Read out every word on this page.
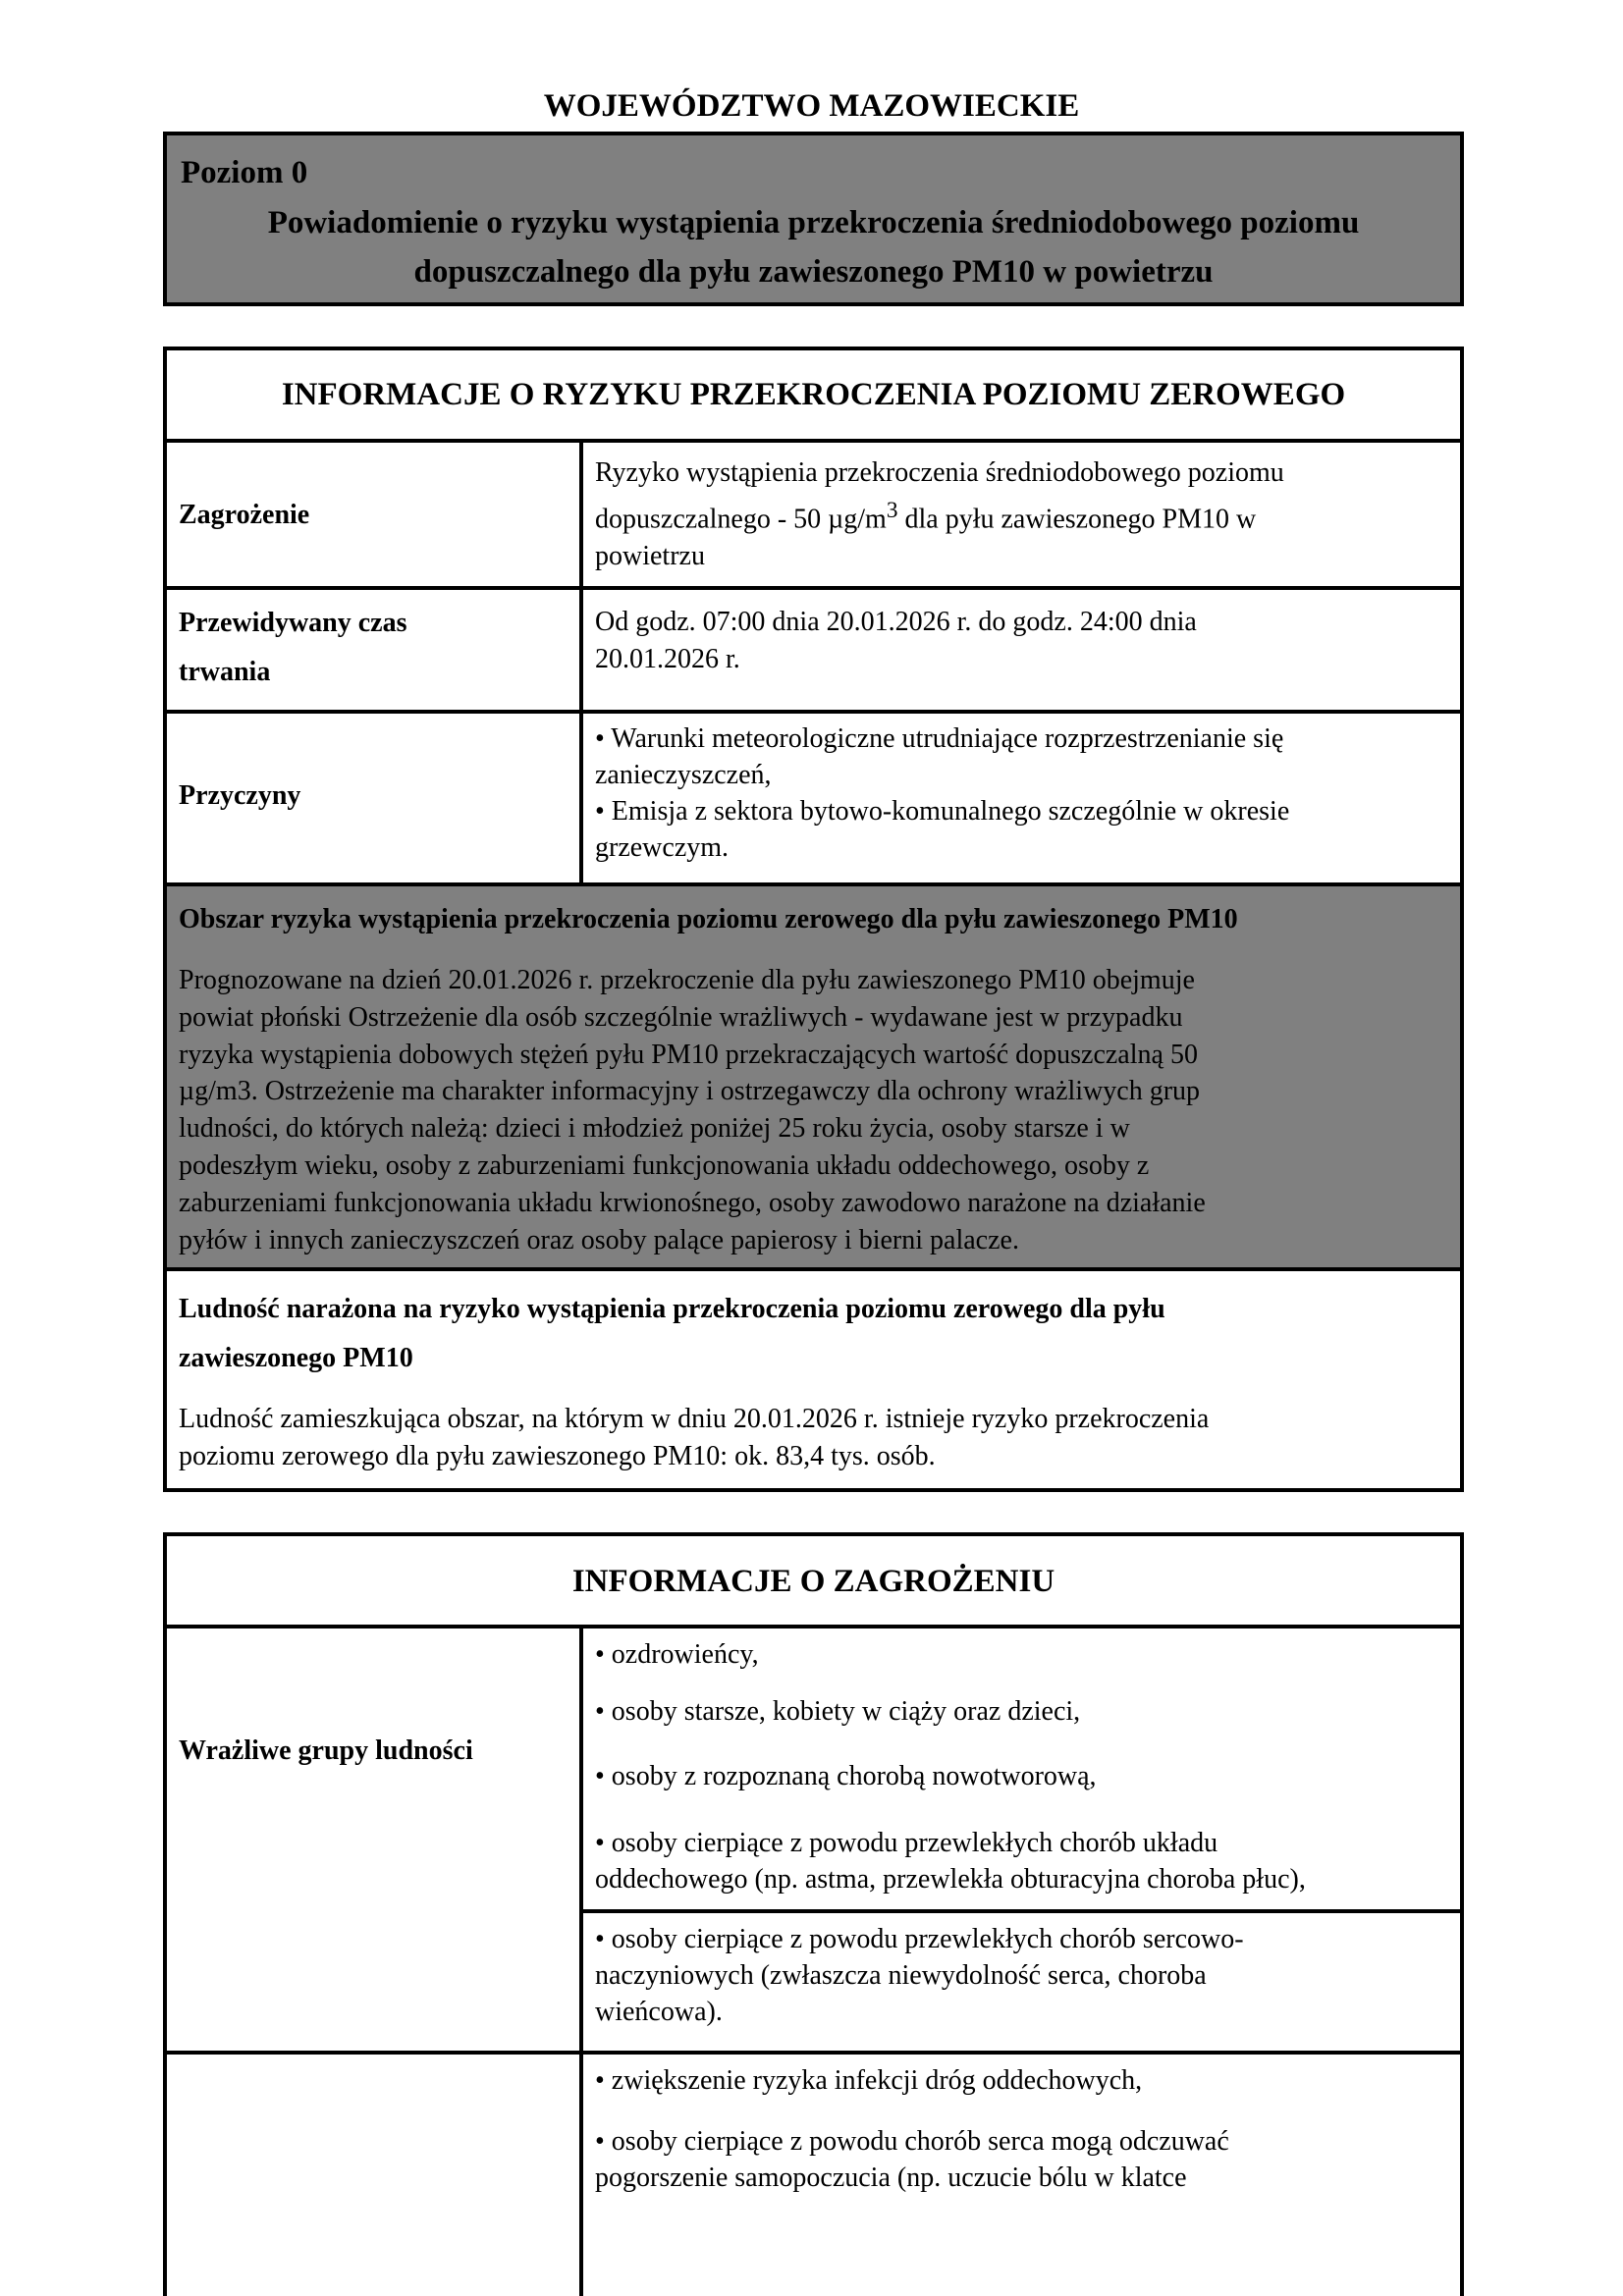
WOJEWÓDZTWO MAZOWIECKIE
Poziom 0
Powiadomienie o ryzyku wystąpienia przekroczenia średniodobowego poziomu
dopuszczalnego dla pyłu zawieszonego PM10 w powietrzu
INFORMACJE O RYZYKU PRZEKROCZENIA POZIOMU ZEROWEGO
Zagrożenie
Ryzyko wystąpienia przekroczenia średniodobowego poziomu
dopuszczalnego - 50 $\mu g/m^3$ dla pyłu zawieszonego PM10 w
powietrzu
Przewidywany czas
trwania
Od godz. 07:00 dnia 20.01.2026 r. do godz. 24:00 dnia
20.01.2026 r.
Przyczyny
• Warunki meteorologiczne utrudniające rozprzestrzenianie się
zanieczyszczeń,
• Emisja z sektora bytowo-komunalnego szczególnie w okresie
grzewczym.
Obszar ryzyka wystąpienia przekroczenia poziomu zerowego dla pyłu zawieszonego PM10
Prognozowane na dzień 20.01.2026 r. przekroczenie dla pyłu zawieszonego PM10 obejmuje
powiat płoński Ostrzeżenie dla osób szczególnie wrażliwych - wydawane jest w przypadku
ryzyka wystąpienia dobowych stężeń pyłu PM10 przekraczających wartość dopuszczalną 50
µg/m3. Ostrzeżenie ma charakter informacyjny i ostrzegawczy dla ochrony wrażliwych grup
ludności, do których należą: dzieci i młodzież poniżej 25 roku życia, osoby starsze i w
podeszłym wieku, osoby z zaburzeniami funkcjonowania układu oddechowego, osoby z
zaburzeniami funkcjonowania układu krwionośnego, osoby zawodowo narażone na działanie
pyłów i innych zanieczyszczeń oraz osoby palące papierosy i bierni palacze.
Ludność narażona na ryzyko wystąpienia przekroczenia poziomu zerowego dla pyłu
zawieszonego PM10
Ludność zamieszkująca obszar, na którym w dniu 20.01.2026 r. istnieje ryzyko przekroczenia
poziomu zerowego dla pyłu zawieszonego PM10: ok. 83,4 tys. osób.
INFORMACJE O ZAGROŻENIU
Wrażliwe grupy ludności
• ozdrowieńcy,
• osoby starsze, kobiety w ciąży oraz dzieci,
• osoby z rozpoznaną chorobą nowotworową,
• osoby cierpiące z powodu przewlekłych chorób układu
oddechowego (np. astma, przewlekła obturacyjna choroba płuc),
• osoby cierpiące z powodu przewlekłych chorób sercowo-
naczyniowych (zwłaszcza niewydolność serca, choroba
wieńcowa).
• zwiększenie ryzyka infekcji dróg oddechowych,
• osoby cierpiące z powodu chorób serca mogą odczuwać
pogorszenie samopoczucia (np. uczucie bólu w klatce
